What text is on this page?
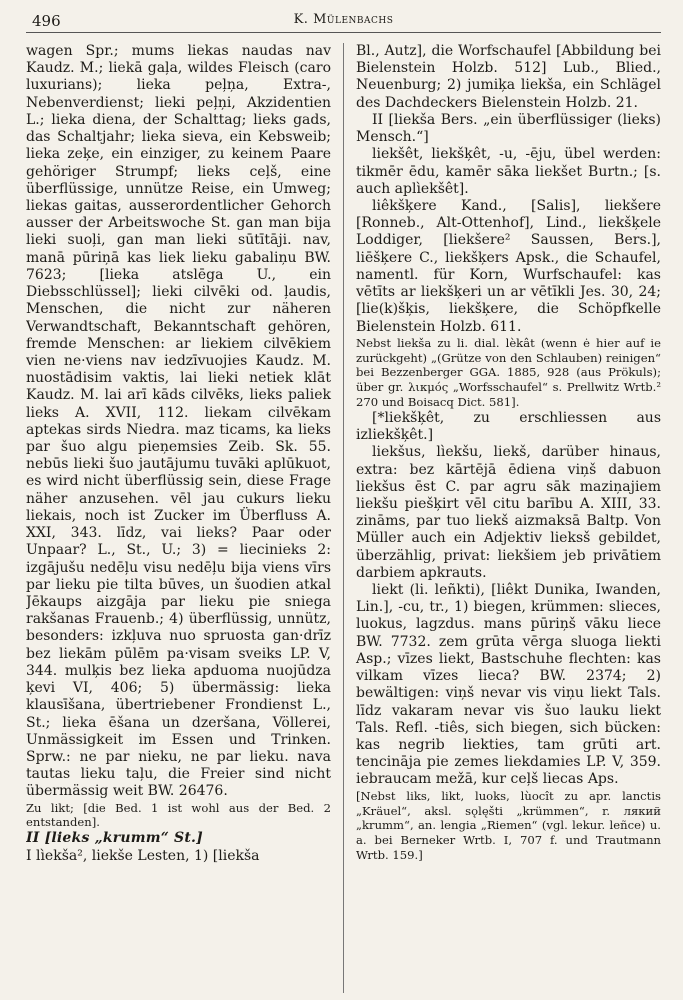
496	K. Mülenbachs

wagen Spr.; mums liekas naudas nav Kaudz. M.; liekā gaļa, wildes Fleisch (caro luxurians); lieka peļņa, Extra-, Nebenverdienst; lieki peļņi, Akzidentien L.; lieka diena, der Schalttag; lieks gads, das Schaltjahr; lieka sieva, ein Kebsweib; lieka zeķe, ein einziger, zu keinem Paare gehöriger Strumpf; lieks ceļš, eine überflüssige, unnütze Reise, ein Umweg; liekas gaitas, ausserordentlicher Gehorch ausser der Arbeitswoche St. gan man bija lieki suoļi, gan man lieki sūtītāji. nav, manā pūriņā kas liek lieku gabaliņu BW. 7623; [lieka atslēga U., ein Diebsschlüssel]; lieki cilvēki od. ļaudis, Menschen, die nicht zur näheren Verwandtschaft, Bekanntschaft gehören, fremde Menschen: ar liekiem cilvēkiem vien ne·viens nav iedzīvuojies Kaudz. M. nuostādisim vaktis, lai lieki netiek klāt Kaudz. M. lai arī kāds cilvēks, lieks paliek lieks A. XVII, 112. liekam cilvēkam aptekas sirds Niedra. maz ticams, ka lieks par šuo algu pieņemsies Zeib. Sk. 55. nebūs lieki šuo jautājumu tuvāki aplūkuot, es wird nicht überflüssig sein, diese Frage näher anzusehen. vēl jau cukurs lieku liekais, noch ist Zucker im Überfluss A. XXI, 343. līdz, vai lieks? Paar oder Unpaar? L., St., U.; 3) = liecinieks 2: izgājušu nedēļu visu nedēļu bija viens vīrs par lieku pie tilta būves, un šuodien atkal Jēkaups aizgāja par lieku pie sniega rakšanas Frauenb.; 4) überflüssig, unnütz, besonders: izkļuva nuo spruosta gan·drīz bez liekām pūlēm pa·visam sveiks LP. V, 344. mulķis bez lieka apduoma nuojūdza ķevi VI, 406; 5) übermässig: lieka klausīšana, übertriebener Frondienst L., St.; lieka ēšana un dzeršana, Völlerei, Unmässigkeit im Essen und Trinken. Sprw.: ne par nieku, ne par lieku. nava tautas lieku taļu, die Freier sind nicht übermässig weit BW. 26476.

Zu likt; [die Bed. 1 ist wohl aus der Bed. 2 entstanden].

II [lieks „krumm“ St.]

I lìekša², liekše Lesten, 1) [liekša

Bl., Autz], die Worfschaufel [Abbildung bei Bielenstein Holzb. 512] Lub., Blied., Neuenburg; 2) jumiķa liekša, ein Schlägel des Dachdeckers Bielenstein Holzb. 21.

II [liekša Bers. „ein überflüssiger (lieks) Mensch.“]

liekšêt, liekšķêt, -u, -ēju, übel werden: tikmēr ēdu, kamēr sāka liekšet Burtn.; [s. auch aplìekšêt].

liêkšķere Kand., [Salis], liekšere [Ronneb., Alt-Ottenhof], Lind., liekšķele Loddiger, [liekšere² Saussen, Bers.], liēšķere C., liekšķers Apsk., die Schaufel, namentl. für Korn, Wurfschaufel: kas vētīts ar liekšķeri un ar vētīkli Jes. 30, 24; [lie(k)šķis, liekšķere, die Schöpfkelle Bielenstein Holzb. 611.

Nebst liekša zu li. dial. lèkât (wenn ė hier auf ie zurückgeht) „(Grütze von den Schlauben) reinigen“ bei Bezzenberger GGA. 1885, 928 (aus Prökuls); über gr. λικμός „Worfsschaufel“ s. Prellwitz Wrtb.² 270 und Boisacq Dict. 581].

[*liekšķêt, zu erschliessen aus izliekšķêt.]

liekšus, lìekšu, liekš, darüber hinaus, extra: bez kārtējā ēdiena viņš dabuon liekšus ēst C. par agru sāk maziņajiem liekšu piešķirt vēl citu barību A. XIII, 33. zināms, par tuo liekš aizmaksā Baltp. Von Müller auch ein Adjektiv lieksš gebildet, überzählig, privat: liekšiem jeb privātiem darbiem apkrauts.

liekt (li. leñkti), [liêkt Dunika, Iwanden, Lin.], -cu, tr., 1) biegen, krümmen: slieces, luokus, lagzdus. mans pūriņš vāku liece BW. 7732. zem grūta vērga sluoga liekti Asp.; vīzes liekt, Bastschuhe flechten: kas vilkam vīzes lieca? BW. 2374; 2) bewältigen: viņš nevar vis viņu liekt Tals. līdz vakaram nevar vis šuo lauku liekt Tals. Refl. -tiês, sich biegen, sich bücken: kas negrib liekties, tam grūti art. tencināja pie zemes liekdamies LP. V, 359. iebraucam mežā, kur ceļš liecas Aps.

[Nebst liks, likt, luoks, lùocît zu apr. lanctis „Kräuel“, aksl. sǫlęšti „krümmen“, r. лякий „krumm“, an. lengia „Riemen“ (vgl. lekur. leñce) u. a. bei Berneker Wrtb. I, 707 f. und Trautmann Wrtb. 159.]
